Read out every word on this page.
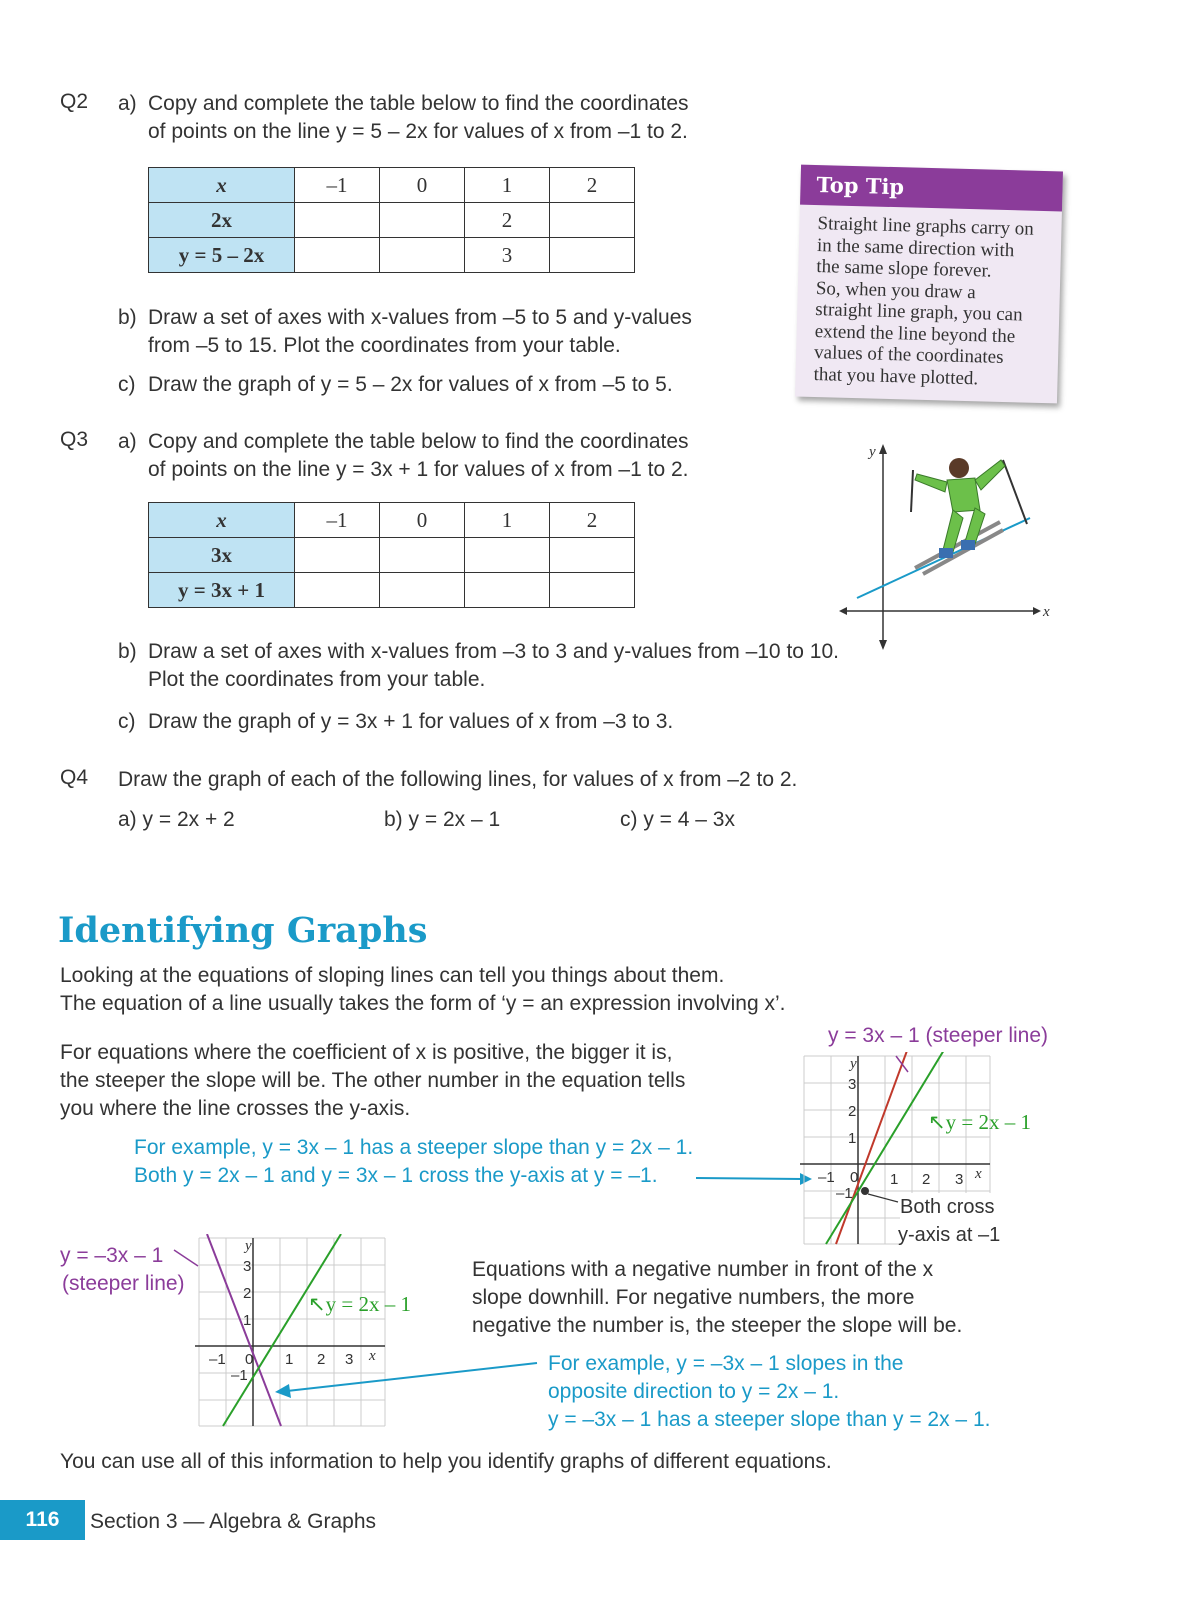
Q2 a) Copy and complete the table below to find the coordinates
of points on the line y = 5 – 2x for values of x from –1 to 2.
x	–1	0	1	2
2x			2	
y = 5 – 2x			3	
b) Draw a set of axes with x-values from –5 to 5 and y-values
from –5 to 15. Plot the coordinates from your table.
c) Draw the graph of y = 5 – 2x for values of x from –5 to 5.
Top Tip
Straight line graphs carry on
in the same direction with
the same slope forever.
So, when you draw a
straight line graph, you can
extend the line beyond the
values of the coordinates
that you have plotted.
Q3 a) Copy and complete the table below to find the coordinates
of points on the line y = 3x + 1 for values of x from –1 to 2.
x	–1	0	1	2
3x				
y = 3x + 1				
y
x
b) Draw a set of axes with x-values from –3 to 3 and y-values from –10 to 10.
Plot the coordinates from your table.
c) Draw the graph of y = 3x + 1 for values of x from –3 to 3.
Q4 Draw the graph of each of the following lines, for values of x from –2 to 2.
a) y = 2x + 2	b) y = 2x – 1	c) y = 4 – 3x
Identifying Graphs
Looking at the equations of sloping lines can tell you things about them.
The equation of a line usually takes the form of ‘y = an expression involving x’.
For equations where the coefficient of x is positive, the bigger it is,
the steeper the slope will be. The other number in the equation tells
you where the line crosses the y-axis.
For example, y = 3x – 1 has a steeper slope than y = 2x – 1.
Both y = 2x – 1 and y = 3x – 1 cross the y-axis at y = –1.
y = 3x – 1 (steeper line)
y
3
2
1
–1
–1 0 1 2 3 x
↖y = 2x – 1
Both cross
y-axis at –1
y = –3x – 1
(steeper line)
y
3
2
1
–1
–1 0 1 2 3 x
↖y = 2x – 1
Equations with a negative number in front of the x
slope downhill. For negative numbers, the more
negative the number is, the steeper the slope will be.
For example, y = –3x – 1 slopes in the
opposite direction to y = 2x – 1.
y = –3x – 1 has a steeper slope than y = 2x – 1.
You can use all of this information to help you identify graphs of different equations.
116	Section 3 — Algebra & Graphs
